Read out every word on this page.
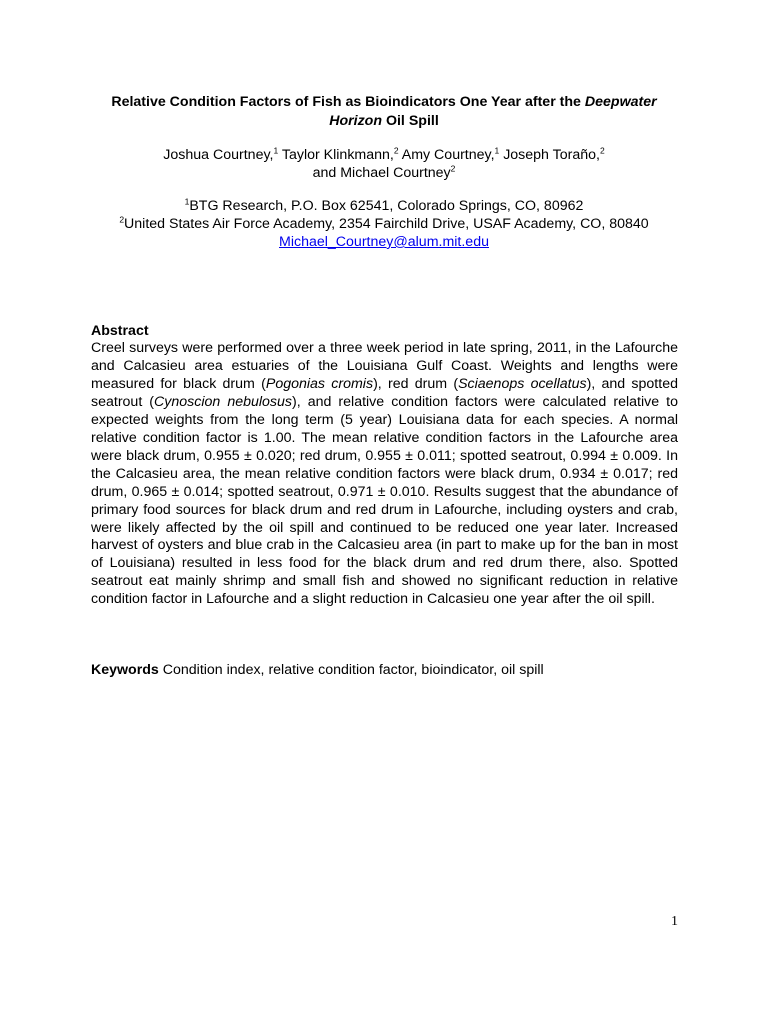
Relative Condition Factors of Fish as Bioindicators One Year after the Deepwater
Horizon Oil Spill

Joshua Courtney,$^1$ Taylor Klinkmann,$^2$ Amy Courtney,$^1$ Joseph Toraño,$^2$
and Michael Courtney$^2$

$^1$BTG Research, P.O. Box 62541, Colorado Springs, CO, 80962
$^2$United States Air Force Academy, 2354 Fairchild Drive, USAF Academy, CO, 80840
Michael_Courtney@alum.mit.edu

Abstract

Creel surveys were performed over a three week period in late spring, 2011, in the Lafourche and Calcasieu area estuaries of the Louisiana Gulf Coast. Weights and lengths were measured for black drum (Pogonias cromis), red drum (Sciaenops ocellatus), and spotted seatrout (Cynoscion nebulosus), and relative condition factors were calculated relative to expected weights from the long term (5 year) Louisiana data for each species. A normal relative condition factor is 1.00. The mean relative condition factors in the Lafourche area were black drum, 0.955 ± 0.020; red drum, 0.955 ± 0.011; spotted seatrout, 0.994 ± 0.009. In the Calcasieu area, the mean relative condition factors were black drum, 0.934 ± 0.017; red drum, 0.965 ± 0.014; spotted seatrout, 0.971 ± 0.010. Results suggest that the abundance of primary food sources for black drum and red drum in Lafourche, including oysters and crab, were likely affected by the oil spill and continued to be reduced one year later. Increased harvest of oysters and blue crab in the Calcasieu area (in part to make up for the ban in most of Louisiana) resulted in less food for the black drum and red drum there, also. Spotted seatrout eat mainly shrimp and small fish and showed no significant reduction in relative condition factor in Lafourche and a slight reduction in Calcasieu one year after the oil spill.

Keywords Condition index, relative condition factor, bioindicator, oil spill

1
